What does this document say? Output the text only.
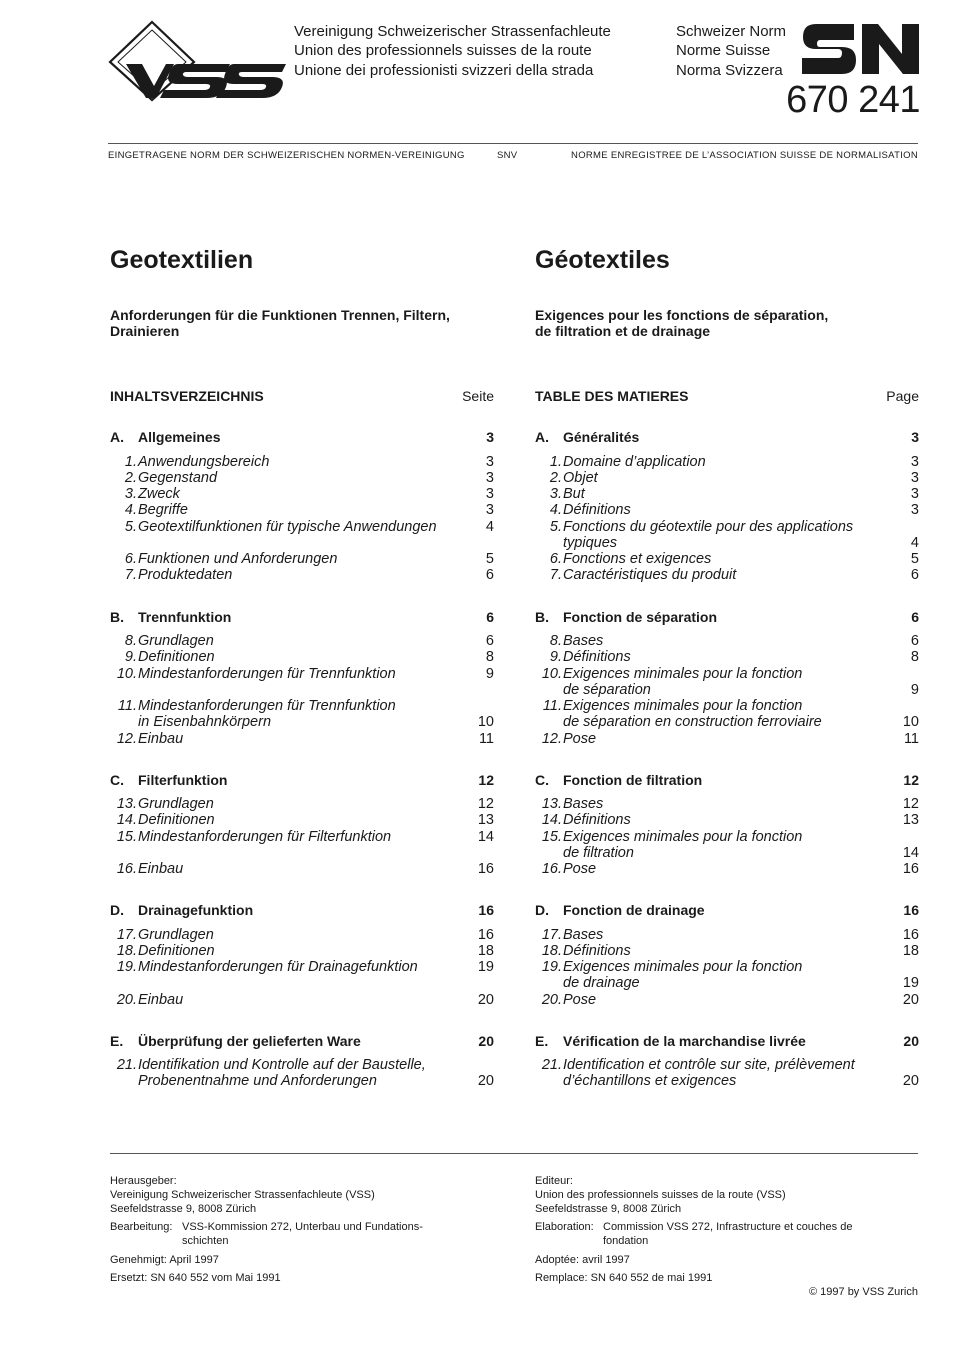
Vereinigung Schweizerischer Strassenfachleute
Union des professionnels suisses de la route
Unione dei professionisti svizzeri della strada
Schweizer Norm
Norme Suisse
Norma Svizzera
670 241
EINGETRAGENE NORM DER SCHWEIZERISCHEN NORMEN-VEREINIGUNG	SNV	NORME ENREGISTREE DE L’ASSOCIATION SUISSE DE NORMALISATION
Geotextilien
Anforderungen für die Funktionen Trennen, Filtern,
Drainieren
INHALTSVERZEICHNIS	Seite
A. Allgemeines	3
1. Anwendungsbereich	3
2. Gegenstand	3
3. Zweck	3
4. Begriffe	3
5. Geotextilfunktionen für typische Anwendungen	4
6. Funktionen und Anforderungen	5
7. Produktedaten	6
B. Trennfunktion	6
8. Grundlagen	6
9. Definitionen	8
10. Mindestanforderungen für Trennfunktion	9
11. Mindestanforderungen für Trennfunktion
in Eisenbahnkörpern	10
12. Einbau	11
C. Filterfunktion	12
13. Grundlagen	12
14. Definitionen	13
15. Mindestanforderungen für Filterfunktion	14
16. Einbau	16
D. Drainagefunktion	16
17. Grundlagen	16
18. Definitionen	18
19. Mindestanforderungen für Drainagefunktion	19
20. Einbau	20
E. Überprüfung der gelieferten Ware	20
21. Identifikation und Kontrolle auf der Baustelle,
Probenentnahme und Anforderungen	20
Géotextiles
Exigences pour les fonctions de séparation,
de filtration et de drainage
TABLE DES MATIERES	Page
A. Généralités	3
1. Domaine d’application	3
2. Objet	3
3. But	3
4. Définitions	3
5. Fonctions du géotextile pour des applications
typiques	4
6. Fonctions et exigences	5
7. Caractéristiques du produit	6
B. Fonction de séparation	6
8. Bases	6
9. Définitions	8
10. Exigences minimales pour la fonction
de séparation	9
11. Exigences minimales pour la fonction
de séparation en construction ferroviaire	10
12. Pose	11
C. Fonction de filtration	12
13. Bases	12
14. Définitions	13
15. Exigences minimales pour la fonction
de filtration	14
16. Pose	16
D. Fonction de drainage	16
17. Bases	16
18. Définitions	18
19. Exigences minimales pour la fonction
de drainage	19
20. Pose	20
E. Vérification de la marchandise livrée	20
21. Identification et contrôle sur site, prélèvement
d’échantillons et exigences	20
Herausgeber:
Vereinigung Schweizerischer Strassenfachleute (VSS)
Seefeldstrasse 9, 8008 Zürich
Bearbeitung: VSS-Kommission 272, Unterbau und Fundations-
schichten
Genehmigt: April 1997
Ersetzt: SN 640 552 vom Mai 1991
Editeur:
Union des professionnels suisses de la route (VSS)
Seefeldstrasse 9, 8008 Zürich
Elaboration: Commission VSS 272, Infrastructure et couches de
fondation
Adoptée: avril 1997
Remplace: SN 640 552 de mai 1991
© 1997 by VSS Zurich
